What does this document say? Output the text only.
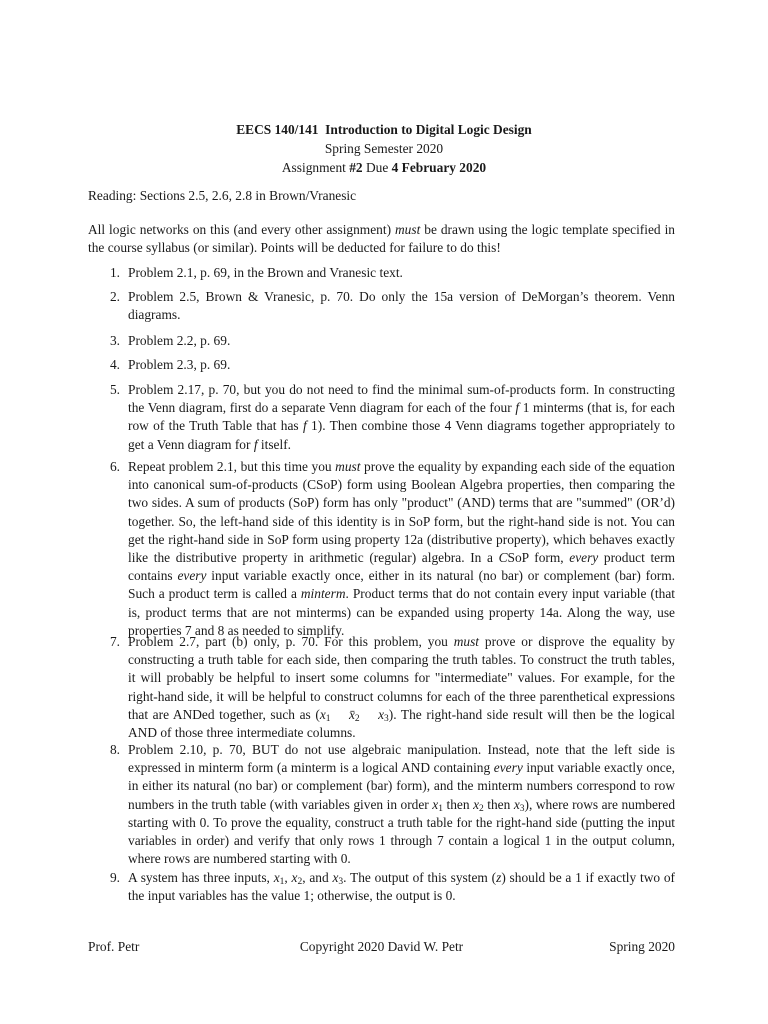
EECS 140/141 Introduction to Digital Logic Design
Spring Semester 2020
Assignment #2 Due 4 February 2020
Reading: Sections 2.5, 2.6, 2.8 in Brown/Vranesic
All logic networks on this (and every other assignment) must be drawn using the logic template specified in the course syllabus (or similar). Points will be deducted for failure to do this!
1. Problem 2.1, p. 69, in the Brown and Vranesic text.
2. Problem 2.5, Brown & Vranesic, p. 70. Do only the 15a version of DeMorgan’s theorem. Venn diagrams.
3. Problem 2.2, p. 69.
4. Problem 2.3, p. 69.
5. Problem 2.17, p. 70, but you do not need to find the minimal sum-of-products form. In constructing the Venn diagram, first do a separate Venn diagram for each of the four f 1 minterms (that is, for each row of the Truth Table that has f 1). Then combine those 4 Venn diagrams together appropriately to get a Venn diagram for f itself.
6. Repeat problem 2.1, but this time you must prove the equality by expanding each side of the equation into canonical sum-of-products (CSoP) form using Boolean Algebra properties, then comparing the two sides. A sum of products (SoP) form has only "product" (AND) terms that are "summed" (OR’d) together. So, the left-hand side of this identity is in SoP form, but the right-hand side is not. You can get the right-hand side in SoP form using property 12a (distributive property), which behaves exactly like the distributive property in arithmetic (regular) algebra. In a CSoP form, every product term contains every input variable exactly once, either in its natural (no bar) or complement (bar) form. Such a product term is called a minterm. Product terms that do not contain every input variable (that is, product terms that are not minterms) can be expanded using property 14a. Along the way, use properties 7 and 8 as needed to simplify.
7. Problem 2.7, part (b) only, p. 70. For this problem, you must prove or disprove the equality by constructing a truth table for each side, then comparing the truth tables. To construct the truth tables, it will probably be helpful to insert some columns for "intermediate" values. For example, for the right-hand side, it will be helpful to construct columns for each of the three parenthetical expressions that are ANDed together, such as ($x_1$ $x̄_2$ $x_3$). The right-hand side result will then be the logical AND of those three intermediate columns.
8. Problem 2.10, p. 70, BUT do not use algebraic manipulation. Instead, note that the left side is expressed in minterm form (a minterm is a logical AND containing every input variable exactly once, in either its natural (no bar) or complement (bar) form), and the minterm numbers correspond to row numbers in the truth table (with variables given in order $x_1$ then $x_2$ then $x_3$), where rows are numbered starting with 0. To prove the equality, construct a truth table for the right-hand side (putting the input variables in order) and verify that only rows 1 through 7 contain a logical 1 in the output column, where rows are numbered starting with 0.
9. A system has three inputs, $x_1$, $x_2$, and $x_3$. The output of this system (z) should be a 1 if exactly two of the input variables has the value 1; otherwise, the output is 0.
Prof. Petr	Copyright 2020 David W. Petr	Spring 2020
